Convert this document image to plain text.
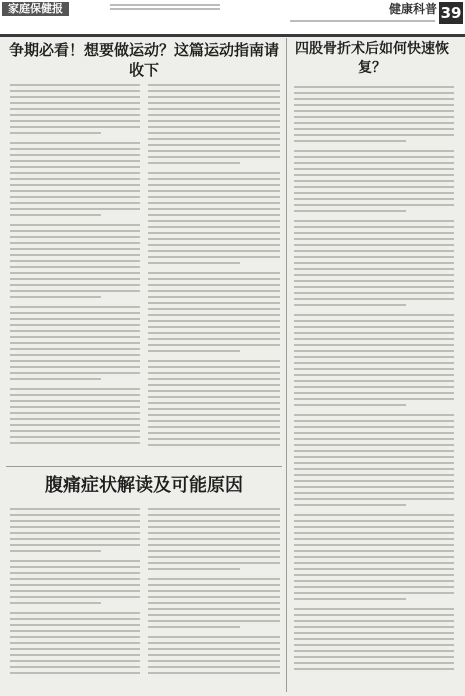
家庭保健报	健康科普 39
争期必看！想要做运动？这篇运动指南请收下
四股骨折术后如何快速恢复？
腹痛症状解读及可能原因
